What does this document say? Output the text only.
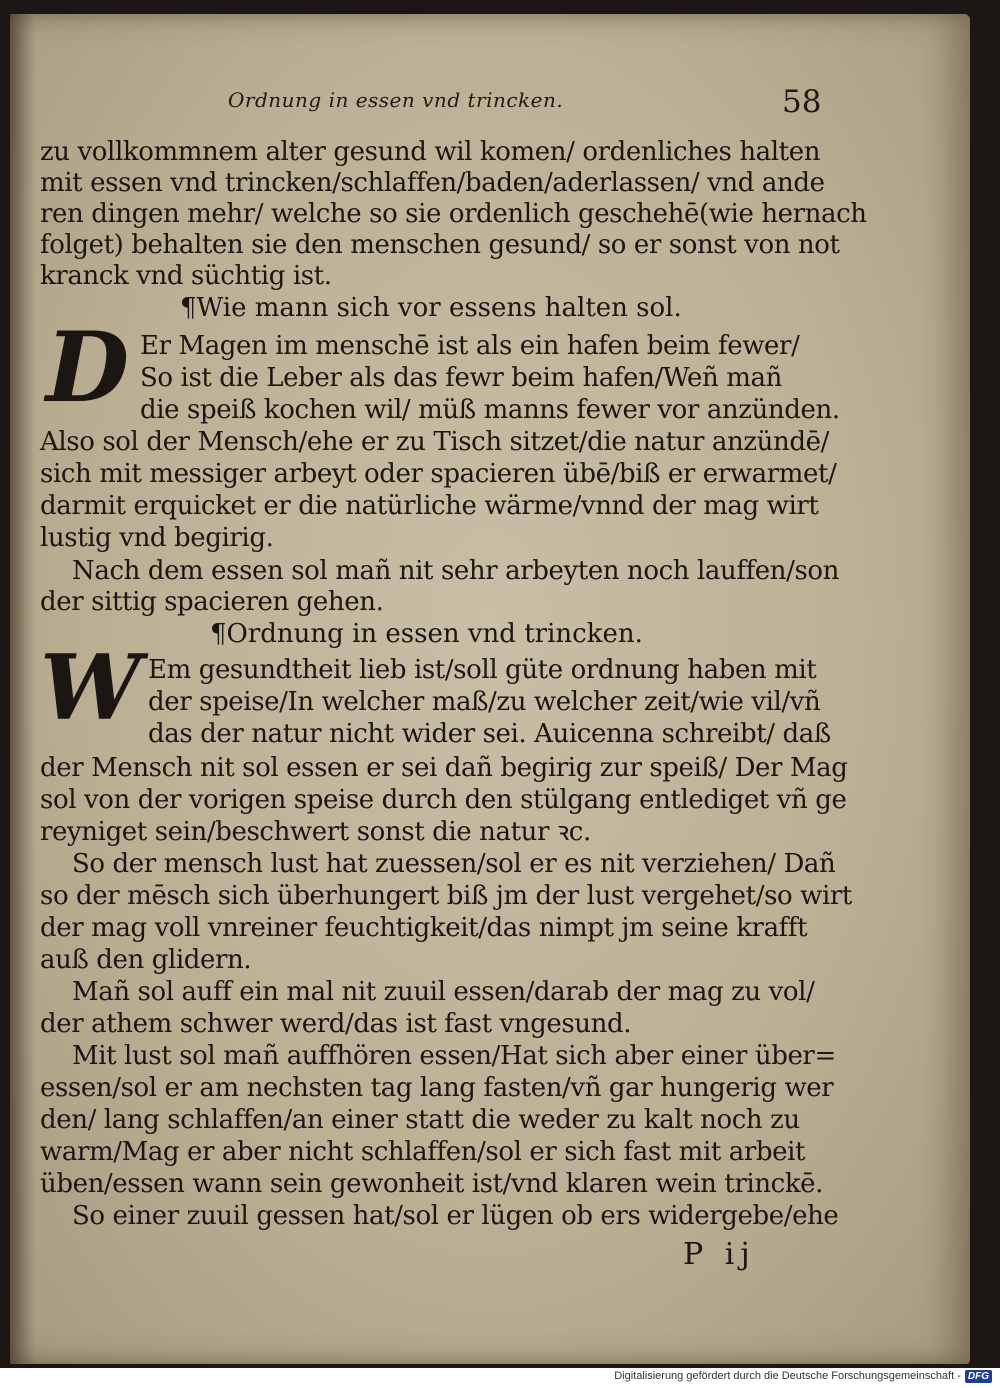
Ordnung in essen vnd trincken.	58
zu vollkommnem alter gesund wil komen/ ordenliches halten
mit essen vnd trincken/schlaffen/baden/aderlassen/ vnd ande
ren dingen mehr/ welche so sie ordenlich geschehē(wie hernach
folget) behalten sie den menschen gesund/ so er sonst von not
kranck vnd süchtig ist.
¶Wie mann sich vor essens halten sol.
D Er Magen im menschē ist als ein hafen beim fewer/
So ist die Leber als das fewr beim hafen/Weñ mañ
die speiß kochen wil/ müß manns fewer vor anzünden.
Also sol der Mensch/ehe er zu Tisch sitzet/die natur anzündē/
sich mit messiger arbeyt oder spacieren übē/biß er erwarmet/
darmit erquicket er die natürliche wärme/vnnd der mag wirt
lustig vnd begirig.
Nach dem essen sol mañ nit sehr arbeyten noch lauffen/son
der sittig spacieren gehen.
¶Ordnung in essen vnd trincken.
W Em gesundtheit lieb ist/soll güte ordnung haben mit
der speise/In welcher maß/zu welcher zeit/wie vil/vñ
das der natur nicht wider sei. Auicenna schreibt/ daß
der Mensch nit sol essen er sei dañ begirig zur speiß/ Der Mag
sol von der vorigen speise durch den stülgang entlediget vñ ge
reyniget sein/beschwert sonst die natur ꝛc.
So der mensch lust hat zuessen/sol er es nit verziehen/ Dañ
so der mēsch sich überhungert biß jm der lust vergehet/so wirt
der mag voll vnreiner feuchtigkeit/das nimpt jm seine krafft
auß den glidern.
Mañ sol auff ein mal nit zuuil essen/darab der mag zu vol/
der athem schwer werd/das ist fast vngesund.
Mit lust sol mañ auffhören essen/Hat sich aber einer über=
essen/sol er am nechsten tag lang fasten/vñ gar hungerig wer
den/ lang schlaffen/an einer statt die weder zu kalt noch zu
warm/Mag er aber nicht schlaffen/sol er sich fast mit arbeit
üben/essen wann sein gewonheit ist/vnd klaren wein trinckē.
So einer zuuil gessen hat/sol er lügen ob ers widergebe/ehe
P ij
Digitalisierung gefördert durch die Deutsche Forschungsgemeinschaft - DFG
